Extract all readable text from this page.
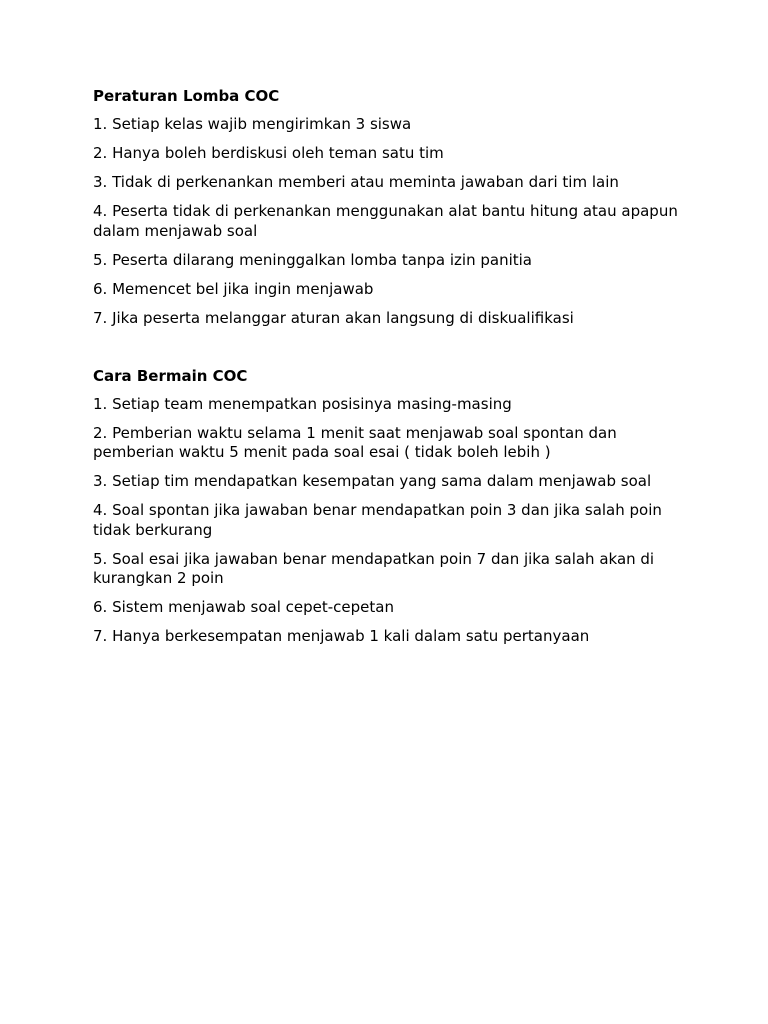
Peraturan Lomba COC
1. Setiap kelas wajib mengirimkan 3 siswa
2. Hanya boleh berdiskusi oleh teman satu tim
3. Tidak di perkenankan memberi atau meminta jawaban dari tim lain
4. Peserta tidak di perkenankan menggunakan alat bantu hitung atau apapun dalam menjawab soal
5. Peserta dilarang meninggalkan lomba tanpa izin panitia
6. Memencet bel jika ingin menjawab
7. Jika peserta melanggar aturan akan langsung di diskualifikasi
Cara Bermain COC
1. Setiap team menempatkan posisinya masing-masing
2. Pemberian waktu selama 1 menit saat menjawab soal spontan dan pemberian waktu 5 menit pada soal esai ( tidak boleh lebih )
3. Setiap tim mendapatkan kesempatan yang sama dalam menjawab soal
4. Soal spontan jika jawaban benar mendapatkan poin 3 dan jika salah poin tidak berkurang
5. Soal esai jika jawaban benar mendapatkan poin 7 dan jika salah akan di kurangkan 2 poin
6. Sistem menjawab soal cepet-cepetan
7. Hanya berkesempatan menjawab 1 kali dalam satu pertanyaan
